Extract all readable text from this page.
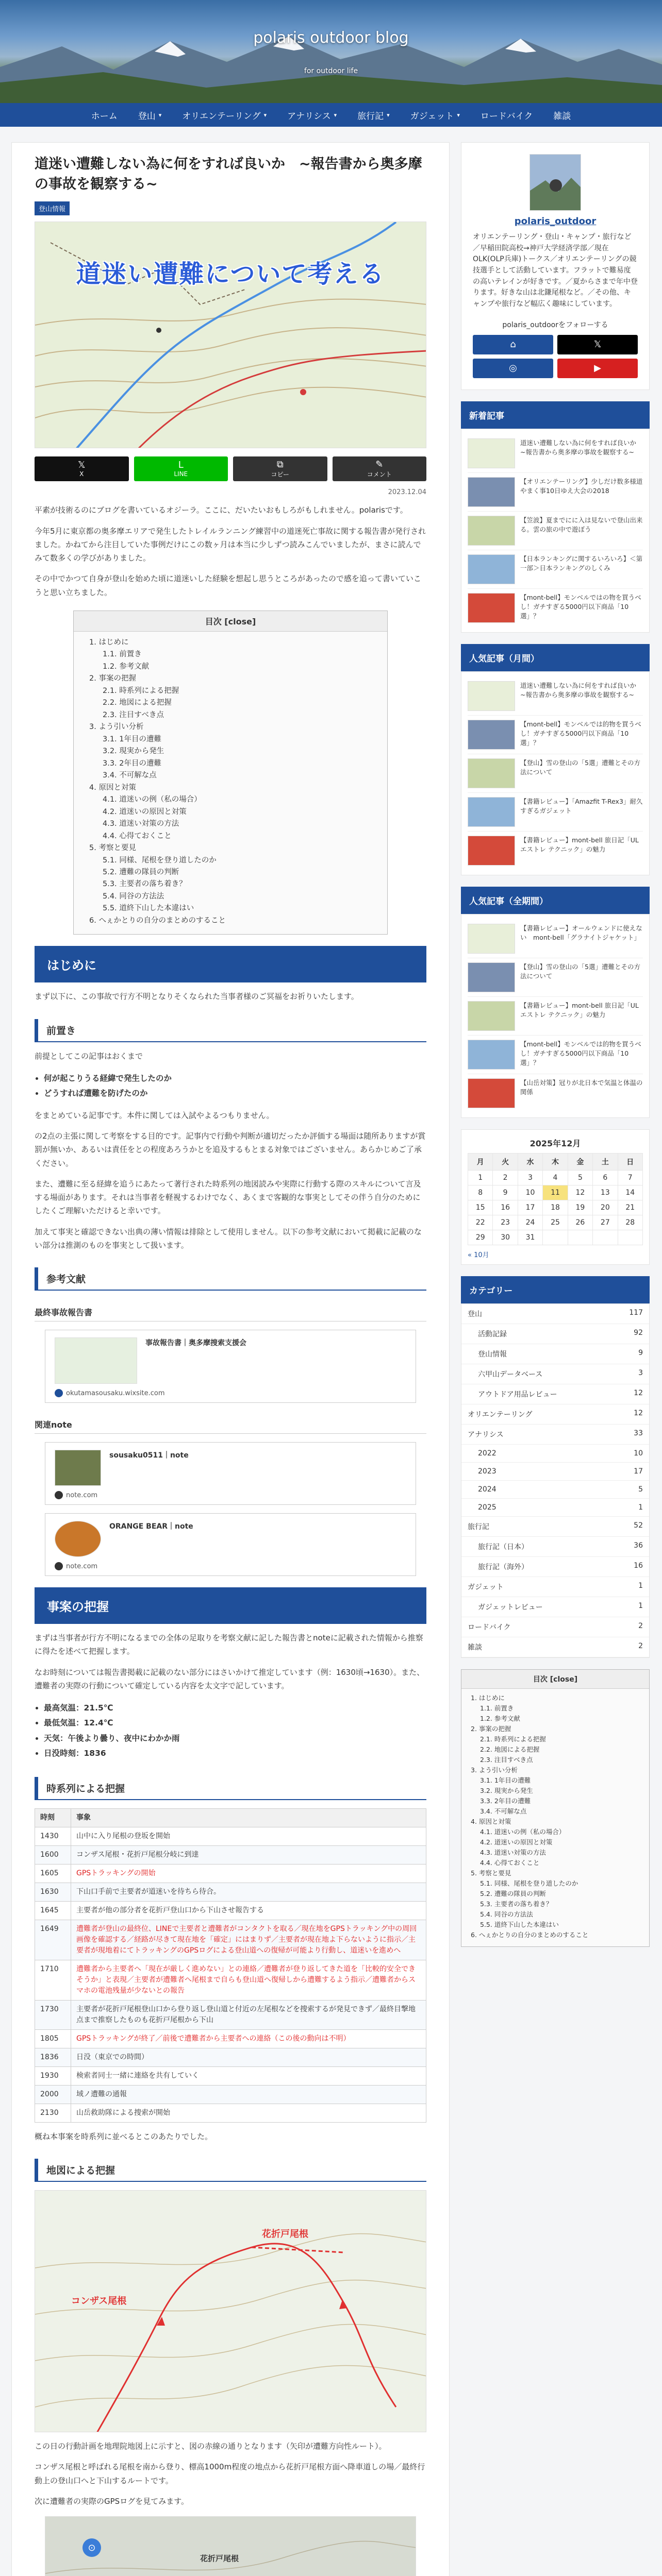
polaris outdoor blog
for outdoor life
ホーム 登山 ▾ オリエンテーリング ▾ アナリシス ▾ 旅行記 ▾ ガジェット ▾ ロードバイク 雑談
道迷い遭難しない為に何をすれば良いか　~報告書から奥多摩の事故を観察する~
登山情報
道迷い遭難について考える
𝕏
X
L
LINE
⧉
コピー
✎
コメント
2023.12.04

平素が技術るのにブログを書いているオジーラ。ここに、だいたいおもしろがもしれません。polarisです。

今年5月に東京都の奥多摩エリアで発生したトレイルランニング練習中の道迷死亡事故に関する報告書が発行されました。かねてから注目していた事例だけにこの数ヶ月は本当に少しずつ読みこんでいましたが、まさに読んでみて数多くの学びがありました。

その中でかつて自身が登山を始めた頃に道迷いした経験を想起し思うところがあったので感を追って書いていこうと思い立ちました。

目次 [close]
1. はじめに
1.1. 前置き
1.2. 参考文献
2. 事案の把握
2.1. 時系列による把握
2.2. 地図による把握
2.3. 注目すべき点
3. よう引い分析
3.1. 1年目の遭難
3.2. 現実から発生
3.3. 2年目の遭難
3.4. 不可解な点
4. 原因と対策
4.1. 道迷いの例（私の場合）
4.2. 道迷いの原因と対策
4.3. 道迷い対策の方法
4.4. 心得ておくこと
5. 考察と要見
5.1. 同様、尾根を登り道したのか
5.2. 遭難の隊員の判断
5.3. 主要者の落ち着き？
5.4. 同谷の方法法
5.5. 道終下山した本違はい
6. へぇかとりの自分のまとめのすること
はじめに

まず以下に、この事故で行方不明となりそくなられた当事者様のご冥福をお祈りいたします。

前置き

前提としてこの記事はおくまで

• 何が起こりうる経緯で発生したのか
• どうすれば遭難を防げたのか

をまとめている記事です。本件に関しては入試やよるつもりません。

の2点の主張に関して考察をする目的です。記事内で行動や判断が適切だったか評価する場面は随所ありますが賞罰が無いか、あるいは責任をとの程度あろうかとを追及するもとまる対象ではございません。あらかじめご了承ください。

また、遭難に至る経緯を追うにあたって著行された時系列の地図読みや実際に行動する際のスキルについて言及する場面があります。それは当事者を軽視するわけでなく、あくまで客観的な事実としてその伴う自分のためにしたくご理解いただけると幸いです。

加えて事実と確認できない出典の薄い情報は排除として使用しません。以下の参考文献において掲載に記載のない部分は推測のものを事実として扱います。

参考文献
最終事故報告書
事故報告書｜奥多摩捜索支援会
okutamasousaku.wixsite.com
関連note
sousaku0511｜note
note.com
ORANGE BEAR｜note
note.com
事案の把握

まずは当事者が行方不明になるまでの全体の足取りを考察文献に記した報告書とnoteに記載された情報から推察に得たを述べて把握します。

なお時刻については報告書掲載に記載のない部分にはさいかけて推定しています（例：1630頃→1630）。また、遭難者の実際の行動について確定している内容を太文字で記しています。

• 最高気温：21.5℃
• 最低気温：12.4℃
• 天気：午後より曇り、夜中にわかか雨
• 日没時刻：1836
時系列による把握
時刻	事象
1430	山中に入り尾根の登坂を開始
1600	コンザス尾根・花折戸尾根分岐に到達
1605	GPSトラッキングの開始
1630	下山口手前で主要者が道迷いを待ちら待合。
1645	主要者が他の部分者を花折戸登山口から下山させ報告する
1649	遭難者が登山の最終位、LINEで主要者と遭難者がコンタクトを取る／現在地をGPSトラッキング中の周回画像を確認する／経路が尽きて現在地を「確定」にはまりず／主要者が現在地よ下らないように指示／主要者が現地着にてトラッキングのGPSログによる登山道への復帰が可能より行動し、道迷いを進めへ
1710	遭難者から主要者へ「現在が厳しく進めない」との連絡／遭難者が登り返してきた道を「比較的安全できそうか」と表現／主要者が遭難者へ尾根まで自らも登山道へ復帰しから遭難するよう指示／遭難者からスマホの電池残量が少ないとの報告
1730	主要者が花折戸尾根登山口から登り返し登山道と付近の左尾根などを捜索するが発見できず／最終目撃地点まで推察したものも花折戸尾根から下山
1805	GPSトラッキングが終了／前後で遭難者から主要者への連絡（この後の動向は不明）
1836	日没（東京での時間）
1930	検索者同士一緒に連絡を共有していく
2000	域ノ遭難の通報
2130	山岳救助隊による捜索が開始

概ね本事案を時系列に並べるとこのあたりでした。

地図による把握
花折戸尾根
コンザス尾根

この日の行動計画を地理院地図上に示すと、図の赤線の通りとなります（矢印が遭難方向性ルート）。

コンザス尾根と呼ばれる尾根を南から登り、標高1000m程度の地点から花折戸尾根方面へ降車道しの場／最終行動上の登山口へと下山するルートです。

次に遭難者の実際のGPSログを見てみます。

⊙
花折戸尾根
polaris_outdoor
オリエンテーリング・登山・キャンプ・旅行など／早稲田院高校→神戸大学経済学部／現在OLK(OLP兵庫)トークス／オリエンテーリングの競技選手として活動しています。フラットで難易度の高いテレインが好きです。／夏からさまで年中登ります。好きな山は北鎌尾根など。／その他、キャンプや旅行など幅広く趣味にしています。
polaris_outdoorをフォローする
⌂	𝕏
◎	▶
新着記事
道迷い遭難しない為に何をすれば良いか　~報告書から奥多摩の事故を観察する~
【オリエンテーリング】少しだけ数多様道やまく事10日ゆえ大会の2018
【笠波】夏までにに入は見ないで登山出来る。雲の旅の中で遊ぼう
【日本ランキングに関するいろいろ】＜第一部＞日本ランキングのしくみ
【mont-bell】モンベルではの物を買うべし！ガチすぎる5000円以下商品「10選」？
人気記事（月間）
道迷い遭難しない為に何をすれば良いか　~報告書から奥多摩の事故を観察する~
【mont-bell】モンベルでは的物を買うべし！ガチすぎる5000円以下商品「10選」？
【登山】雪の登山の「5選」遭難とその方法について
【書籍レビュー】「Amazfit T-Rex3」耐久すぎるガジェット
【書籍レビュー】mont-bell 旅日記「UL エストレ テクニック」の魅力
人気記事（全期間）
【書籍レビュー】オールウェンドに使えない　mont-bell「グラナイトジャケット」
【登山】雪の登山の「5選」遭難とその方法について
【書籍レビュー】mont-bell 旅日記「UL エストレ テクニック」の魅力
【mont-bell】モンベルでは的物を買うべし！ガチすぎる5000円以下商品「10選」？
【山岳対策】冠りが北日本で気温と体温の関係
2025年12月
月	火	水	木	金	土	日
1	2	3	4	5	6	7
8	9	10	11	12	13	14
15	16	17	18	19	20	21
22	23	24	25	26	27	28
29	30	31				
« 10月
カテゴリー
登山	117
活動記録	92
登山情報	9
六甲山データベース	3
アウトドア用品レビュー	12
オリエンテーリング	12
アナリシス	33
2022	10
2023	17
2024	5
2025	1
旅行記	52
旅行記（日本）	36
旅行記（海外）	16
ガジェット	1
ガジェットレビュー	1
ロードバイク	2
雑談	2
目次 [close]
1. はじめに
1.1. 前置き
1.2. 参考文献
2. 事案の把握
2.1. 時系列による把握
2.2. 地図による把握
2.3. 注目すべき点
3. よう引い分析
3.1. 1年目の遭難
3.2. 現実から発生
3.3. 2年目の遭難
3.4. 不可解な点
4. 原因と対策
4.1. 道迷いの例（私の場合）
4.2. 道迷いの原因と対策
4.3. 道迷い対策の方法
4.4. 心得ておくこと
5. 考察と要見
5.1. 同様、尾根を登り道したのか
5.2. 遭難の隊員の判断
5.3. 主要者の落ち着き？
5.4. 同谷の方法法
5.5. 道終下山した本違はい
6. へぇかとりの自分のまとめのすること
